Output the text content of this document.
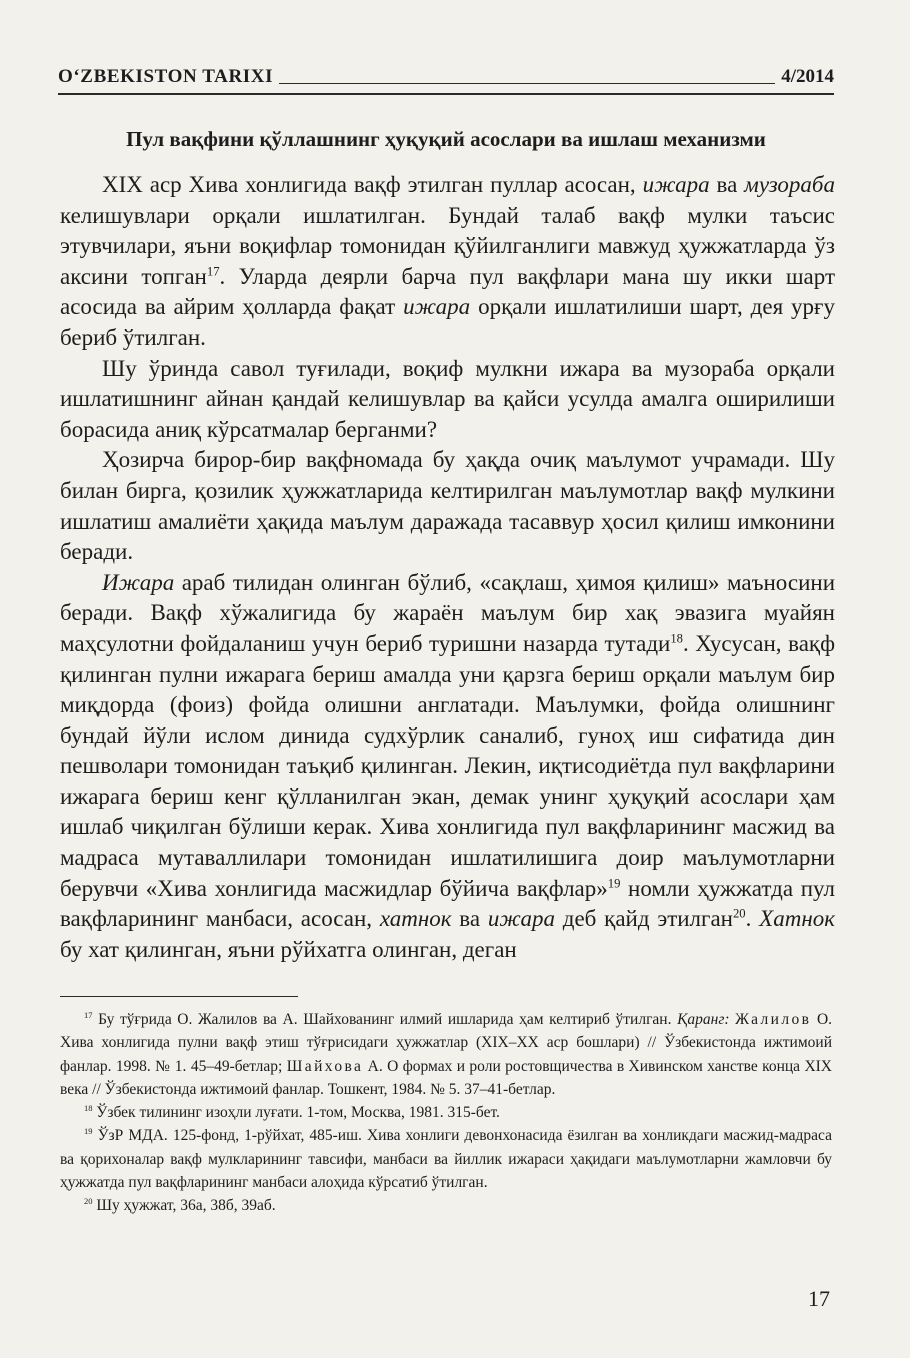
O‘ZBEKISTON TARIXI	4/2014
Пул вақфини қўллашнинг ҳуқуқий асослари ва ишлаш механизми

XIX аср Хива хонлигида вақф этилган пуллар асосан, ижара ва музораба келишувлари орқали ишлатилган. Бундай талаб вақф мулки таъсис этувчилари, яъни воқифлар томонидан қўйилганлиги мавжуд ҳужжатларда ўз аксини топган$^{17}$. Уларда деярли барча пул вақфлари мана шу икки шарт асосида ва айрим ҳолларда фақат ижара орқали ишлатилиши шарт, дея урғу бериб ўтилган.

Шу ўринда савол туғилади, воқиф мулкни ижара ва музораба орқали ишлатишнинг айнан қандай келишувлар ва қайси усулда амалга оширилиши борасида аниқ кўрсатмалар берганми?

Ҳозирча бирор-бир вақфномада бу ҳақда очиқ маълумот учрамади. Шу билан бирга, қозилик ҳужжатларида келтирилган маълумотлар вақф мулкини ишлатиш амалиёти ҳақида маълум даражада тасаввур ҳосил қилиш имконини беради.

Ижара араб тилидан олинган бўлиб, «сақлаш, ҳимоя қилиш» маъносини беради. Вақф хўжалигида бу жараён маълум бир хақ эвазига муайян маҳсулотни фойдаланиш учун бериб туришни назарда тутади$^{18}$. Хусусан, вақф қилинган пулни ижарага бериш амалда уни қарзга бериш орқали маълум бир миқдорда (фоиз) фойда олишни англатади. Маълумки, фойда олишнинг бундай йўли ислом динида судхўрлик саналиб, гуноҳ иш сифатида дин пешволари томонидан таъқиб қилинган. Лекин, иқтисодиётда пул вақфларини ижарага бериш кенг қўлланилган экан, демак унинг ҳуқуқий асослари ҳам ишлаб чиқилган бўлиши керак. Хива хонлигида пул вақфларининг масжид ва мадраса мутаваллилари томонидан ишлатилишига доир маълумотларни берувчи «Хива хонлигида масжидлар бўйича вақфлар»$^{19}$ номли ҳужжатда пул вақфларининг манбаси, асосан, хатнок ва ижара деб қайд этилган$^{20}$. Хатнок бу хат қилинган, яъни рўйхатга олинган, деган

$^{17}$ Бу тўғрида О. Жалилов ва А. Шайхованинг илмий ишларида ҳам келтириб ўтилган. Қаранг: Жалилов О. Хива хонлигида пулни вақф этиш тўғрисидаги ҳужжатлар (XIX–XX аср бошлари) // Ўзбекистонда ижтимоий фанлар. 1998. № 1. 45–49-бетлар; Шайхова А. О формах и роли ростовщичества в Хивинском ханстве конца XIX века // Ўзбекистонда ижтимоий фанлар. Тошкент, 1984. № 5. 37–41-бетлар.

$^{18}$ Ўзбек тилининг изоҳли луғати. 1-том, Москва, 1981. 315-бет.

$^{19}$ ЎзР МДА. 125-фонд, 1-рўйхат, 485-иш. Хива хонлиги девонхонасида ёзилган ва хонликдаги масжид-мадраса ва қорихоналар вақф мулкларининг тавсифи, манбаси ва йиллик ижараси ҳақидаги маълумотларни жамловчи бу ҳужжатда пул вақфларининг манбаси алоҳида кўрсатиб ўтилган.

$^{20}$ Шу ҳужжат, 36а, 38б, 39аб.

17
